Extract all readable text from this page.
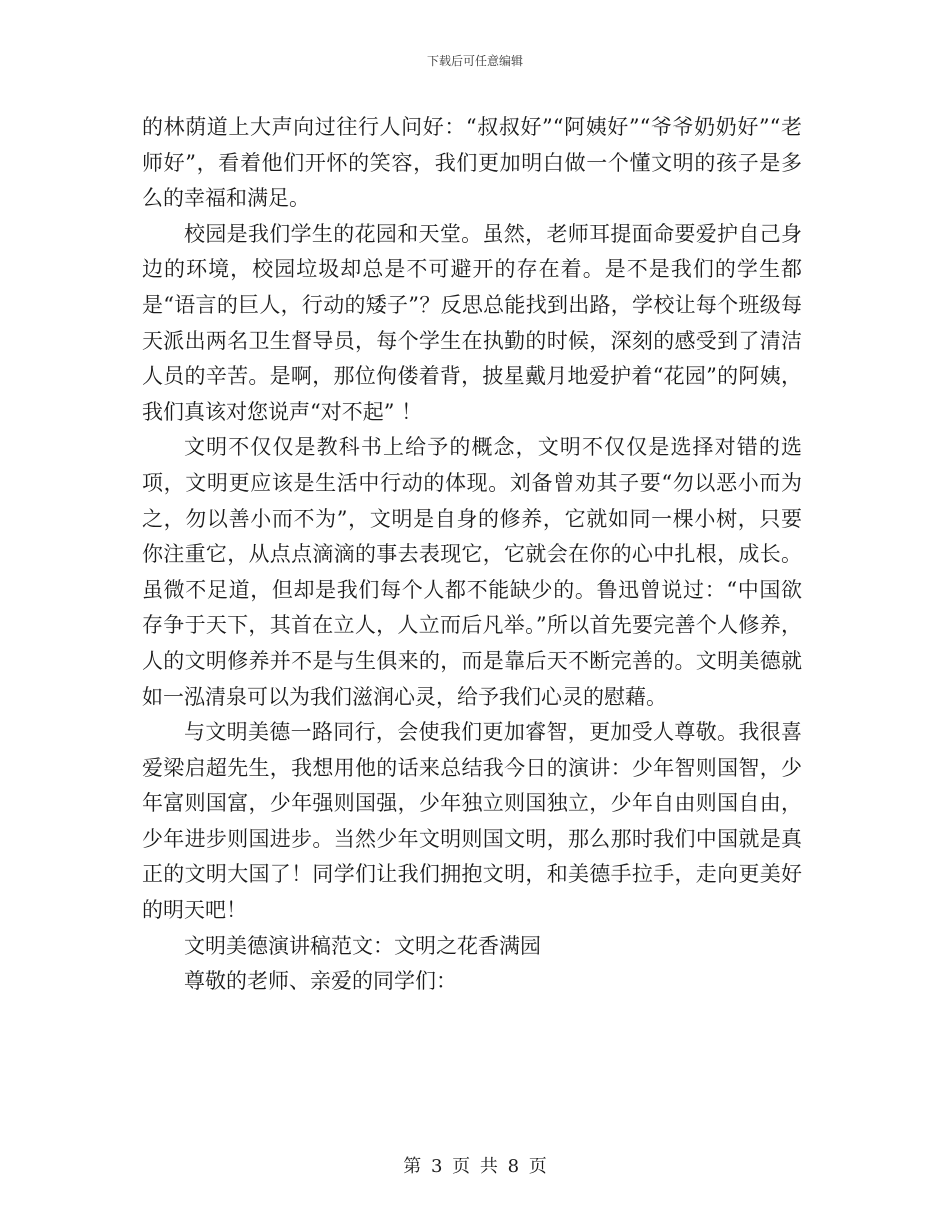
下载后可任意编辑

的林荫道上大声向过往行人问好：“叔叔好”“阿姨好”“爷爷奶奶好”“老师好”，看着他们开怀的笑容，我们更加明白做一个懂文明的孩子是多么的幸福和满足。

校园是我们学生的花园和天堂。虽然，老师耳提面命要爱护自己身边的环境，校园垃圾却总是不可避开的存在着。是不是我们的学生都是“语言的巨人，行动的矮子”？反思总能找到出路，学校让每个班级每天派出两名卫生督导员，每个学生在执勤的时候，深刻的感受到了清洁人员的辛苦。是啊，那位佝偻着背，披星戴月地爱护着“花园”的阿姨，我们真该对您说声“对不起” ！

文明不仅仅是教科书上给予的概念，文明不仅仅是选择对错的选项，文明更应该是生活中行动的体现。刘备曾劝其子要“勿以恶小而为之，勿以善小而不为”，文明是自身的修养，它就如同一棵小树，只要你注重它，从点点滴滴的事去表现它，它就会在你的心中扎根，成长。虽微不足道，但却是我们每个人都不能缺少的。鲁迅曾说过：“中国欲存争于天下，其首在立人，人立而后凡举。”所以首先要完善个人修养，人的文明修养并不是与生俱来的，而是靠后天不断完善的。文明美德就如一泓清泉可以为我们滋润心灵，给予我们心灵的慰藉。

与文明美德一路同行，会使我们更加睿智，更加受人尊敬。我很喜爱梁启超先生，我想用他的话来总结我今日的演讲：少年智则国智，少年富则国富，少年强则国强，少年独立则国独立，少年自由则国自由，少年进步则国进步。当然少年文明则国文明，那么那时我们中国就是真正的文明大国了！同学们让我们拥抱文明，和美德手拉手，走向更美好的明天吧！

文明美德演讲稿范文：文明之花香满园

尊敬的老师、亲爱的同学们：

第 3 页 共 8 页
